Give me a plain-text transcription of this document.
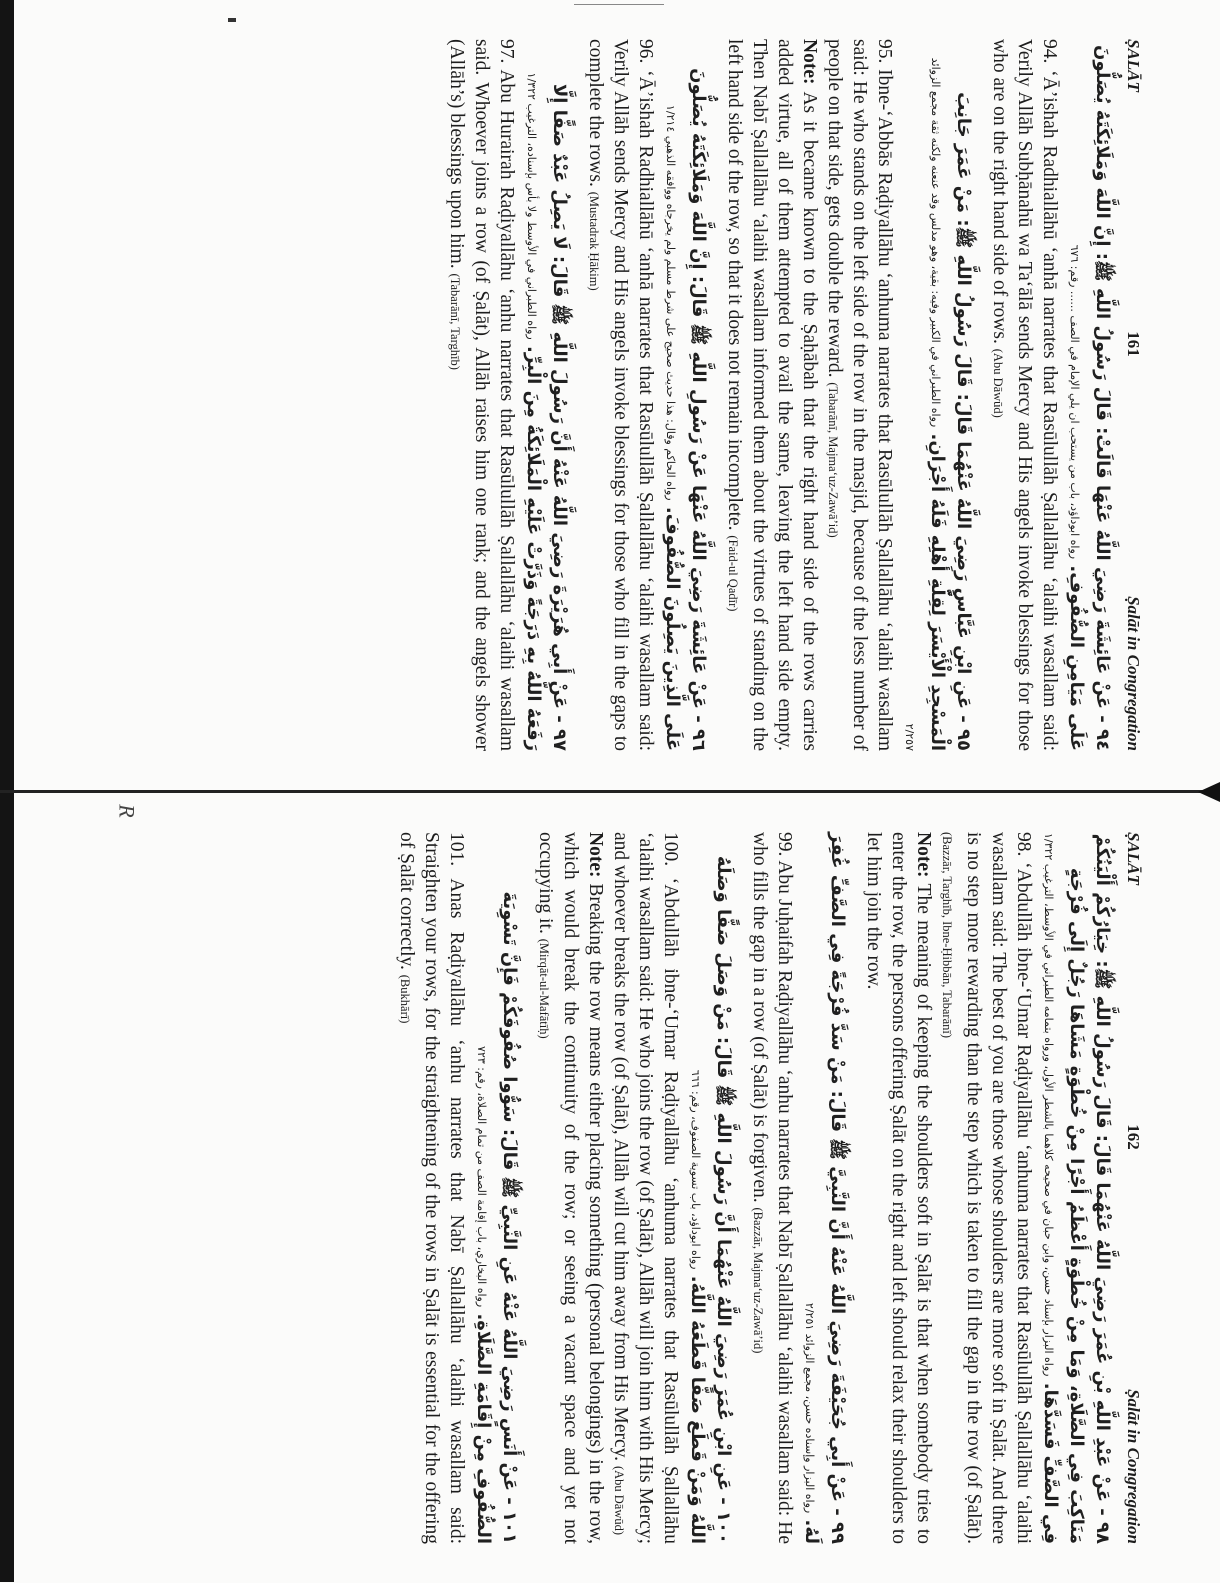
ṢALĀT
161
Ṣalāt in Congregation
٩٤ - عَنْ عَائِشَةَ رَضِيَ اللَّهُ عَنْهَا قَالَتْ: قَالَ رَسُولُ اللَّهِ ﷺ: إِنَّ اللَّهَ وَمَلَائِكَتَهُ يُصَلُّونَ عَلَى مَيَامِنِ الصُّفُوفِ. رواه ابوداؤد، باب من يستحب ان يلي الإمام في الصف ...... رقم: ٦٧٦
94. ‘Ā’ishah Radhiallāhū ‘anhā narrates that Rasūlullāh Ṣallallāhu ‘alaihi wasallam said: Verily Allāh Subḥānahū wa Ta‘ālā sends Mercy and His angels invoke blessings for those who are on the right hand side of rows. (Abu Dāwūd)
٩٥ - عَنِ ابْنِ عَبَّاسٍ رَضِيَ اللَّهُ عَنْهُمَا قَالَ: قَالَ رَسُولُ اللَّهِ ﷺ: مَنْ عَمَرَ جَانِبَ الْمَسْجِدِ الْأَيْسَرَ لِقِلَّةِ أَهْلِهِ فَلَهُ أَجْرَانِ. رواه الطبراني في الكبير وفيه: بقية، وهو مدلس وقد عنعنه ولكنه ثقة مجمع الزوائد ٢/٢٥٧
95. Ibne-‘Abbās Raḍiyallāhu ‘anhuma narrates that Rasūlullāh Ṣallallāhu ‘alaihi wasallam said: He who stands on the left side of the row in the masjid, because of the less number of people on that side, gets double the reward. (Tabarānī, Majma‘uz-Zawā’id)
Note: As it became known to the Ṣaḥābah that the right hand side of the rows carries added virtue, all of them attempted to avail the same, leaving the left hand side empty. Then Nabī Ṣallallāhu ‘alaihi wasallam informed them about the virtues of standing on the left hand side of the row, so that it does not remain incomplete. (Faid-ul Qadīr)
٩٦ - عَنْ عَائِشَةَ رَضِيَ اللَّهُ عَنْهَا عَنْ رَسُولِ اللَّهِ ﷺ قَالَ: إِنَّ اللَّهَ وَمَلَائِكَتَهُ يُصَلُّونَ عَلَى الَّذِينَ يَصِلُونَ الصُّفُوفَ. رواه الحاكم وقال: هذا حديث صحيح على شرط مسلم ولم يخرجاه ووافقه الذهبي ١/٢١٤
96. ‘Ā’ishah Radhiallāhū ‘anhā narrates that Rasūlullāh Ṣallallāhu ‘alaihi wasallam said: Verily Allāh sends Mercy and His angels invoke blessings for those who fill in the gaps to complete the rows. (Mustadrak Ḥākim)
٩٧ - عَنْ أَبِي هُرَيْرَةَ رَضِيَ اللَّهُ عَنْهُ أَنَّ رَسُولَ اللَّهِ ﷺ قَالَ: لَا يَصِلُ عَبْدٌ صَفًّا إِلَّا رَفَعَهُ اللَّهُ بِهِ دَرَجَةً وَذَرَّتْ عَلَيْهِ الْمَلَائِكَةُ مِنَ الْبِرِّ. رواه الطبراني في الأوسط ولا بأس بإسناده، الترغيب ١/٣٢٢
97. Abu Hurairah Raḍiyallāhu ‘anhu narrates that Rasūlullāh Ṣallallāhu ‘alaihi wasallam said. Whoever joins a row (of Ṣalāt), Allāh raises him one rank; and the angels shower (Allāh’s) blessings upon him. (Tabarānī, Targhīb)
R
ṢALĀT
162
Ṣalāt in Congregation
٩٨ - عَنْ عَبْدِ اللَّهِ بْنِ عُمَرَ رَضِيَ اللَّهُ عَنْهُمَا قَالَ: قَالَ رَسُولُ اللَّهِ ﷺ: خِيَارُكُمْ أَلْيَنُكُمْ مَنَاكِبَ فِي الصَّلَاةِ، وَمَا مِنْ خُطْوَةٍ أَعْظَمُ أَجْرًا مِنْ خُطْوَةٍ مَشَاهَا رَجُلٌ إِلَى فُرْجَةٍ فِي الصَّفِّ فَسَدَّهَا. رواه البزار بإسناد حسن، وابن حبان في صحيحه كلاهما بالشطر الأول، ورواه بتمامه الطبراني في الأوسط، الترغيب ١/٣٢٢
98. ‘Abdullāh ibne-‘Umar Raḍiyallāhu ‘anhuma narrates that Rasūlullāh Ṣallallāhu ‘alaihi wasallam said: The best of you are those whose shoulders are more soft in Ṣalāt. And there is no step more rewarding than the step which is taken to fill the gap in the row (of Ṣalāt). (Bazzār, Targhīb, Ibne-Ḥibbān, Tabarānī)
Note: The meaning of keeping the shoulders soft in Ṣalāt is that when somebody tries to enter the row, the persons offering Ṣalāt on the right and left should relax their shoulders to let him join the row.
٩٩ - عَنْ أَبِي جُحَيْفَةَ رَضِيَ اللَّهُ عَنْهُ أَنَّ النَّبِيَّ ﷺ قَالَ: مَنْ سَدَّ فُرْجَةً فِي الصَّفِّ غُفِرَ لَهُ. رواه البزار وإسناده حسن، مجمع الزوائد ٢/٢٥١
99. Abu Juḥaifah Raḍiyallāhu ‘anhu narrates that Nabī Ṣallallāhu ‘alaihi wasallam said: He who fills the gap in a row (of Ṣalāt) is forgiven. (Bazzār, Majma‘uz-Zawā’id)
١٠٠ - عَنِ ابْنِ عُمَرَ رَضِيَ اللَّهُ عَنْهُمَا أَنَّ رَسُولَ اللَّهِ ﷺ قَالَ: مَنْ وَصَلَ صَفًّا وَصَلَهُ اللَّهُ وَمَنْ قَطَعَ صَفًّا قَطَعَهُ اللَّهُ. رواه ابوداؤد، باب تسوية الصفوف، رقم: ٦٦٦
100. ‘Abdullāh ibne-‘Umar Raḍiyallāhu ‘anhuma narrates that Rasūlullāh Ṣallallāhu ‘alaihi wasallam said: He who joins the row (of Ṣalāt), Allāh will join him with His Mercy; and whoever breaks the row (of Ṣalāt), Allāh will cut him away from His Mercy. (Abu Dāwūd)
Note: Breaking the row means either placing something (personal belongings) in the row, which would break the continuity of the row; or seeing a vacant space and yet not occupying it. (Mirqāt-ul-Mafātīḥ)
١٠١ - عَنْ أَنَسٍ رَضِيَ اللَّهُ عَنْهُ عَنِ النَّبِيِّ ﷺ قَالَ: سَوُّوا صُفُوفَكُمْ فَإِنَّ تَسْوِيَةَ الصُّفُوفِ مِنْ إِقَامَةِ الصَّلَاةِ. رواه البخاري، باب إقامة الصف من تمام الصلاة، رقم: ٧٢٣
101. Anas Raḍiyallāhu ‘anhu narrates that Nabī Ṣallallāhu ‘alaihi wasallam said: Straighten your rows, for the straightening of the rows in Ṣalāt is essential for the offering of Ṣalāt correctly. (Bukhārī)
